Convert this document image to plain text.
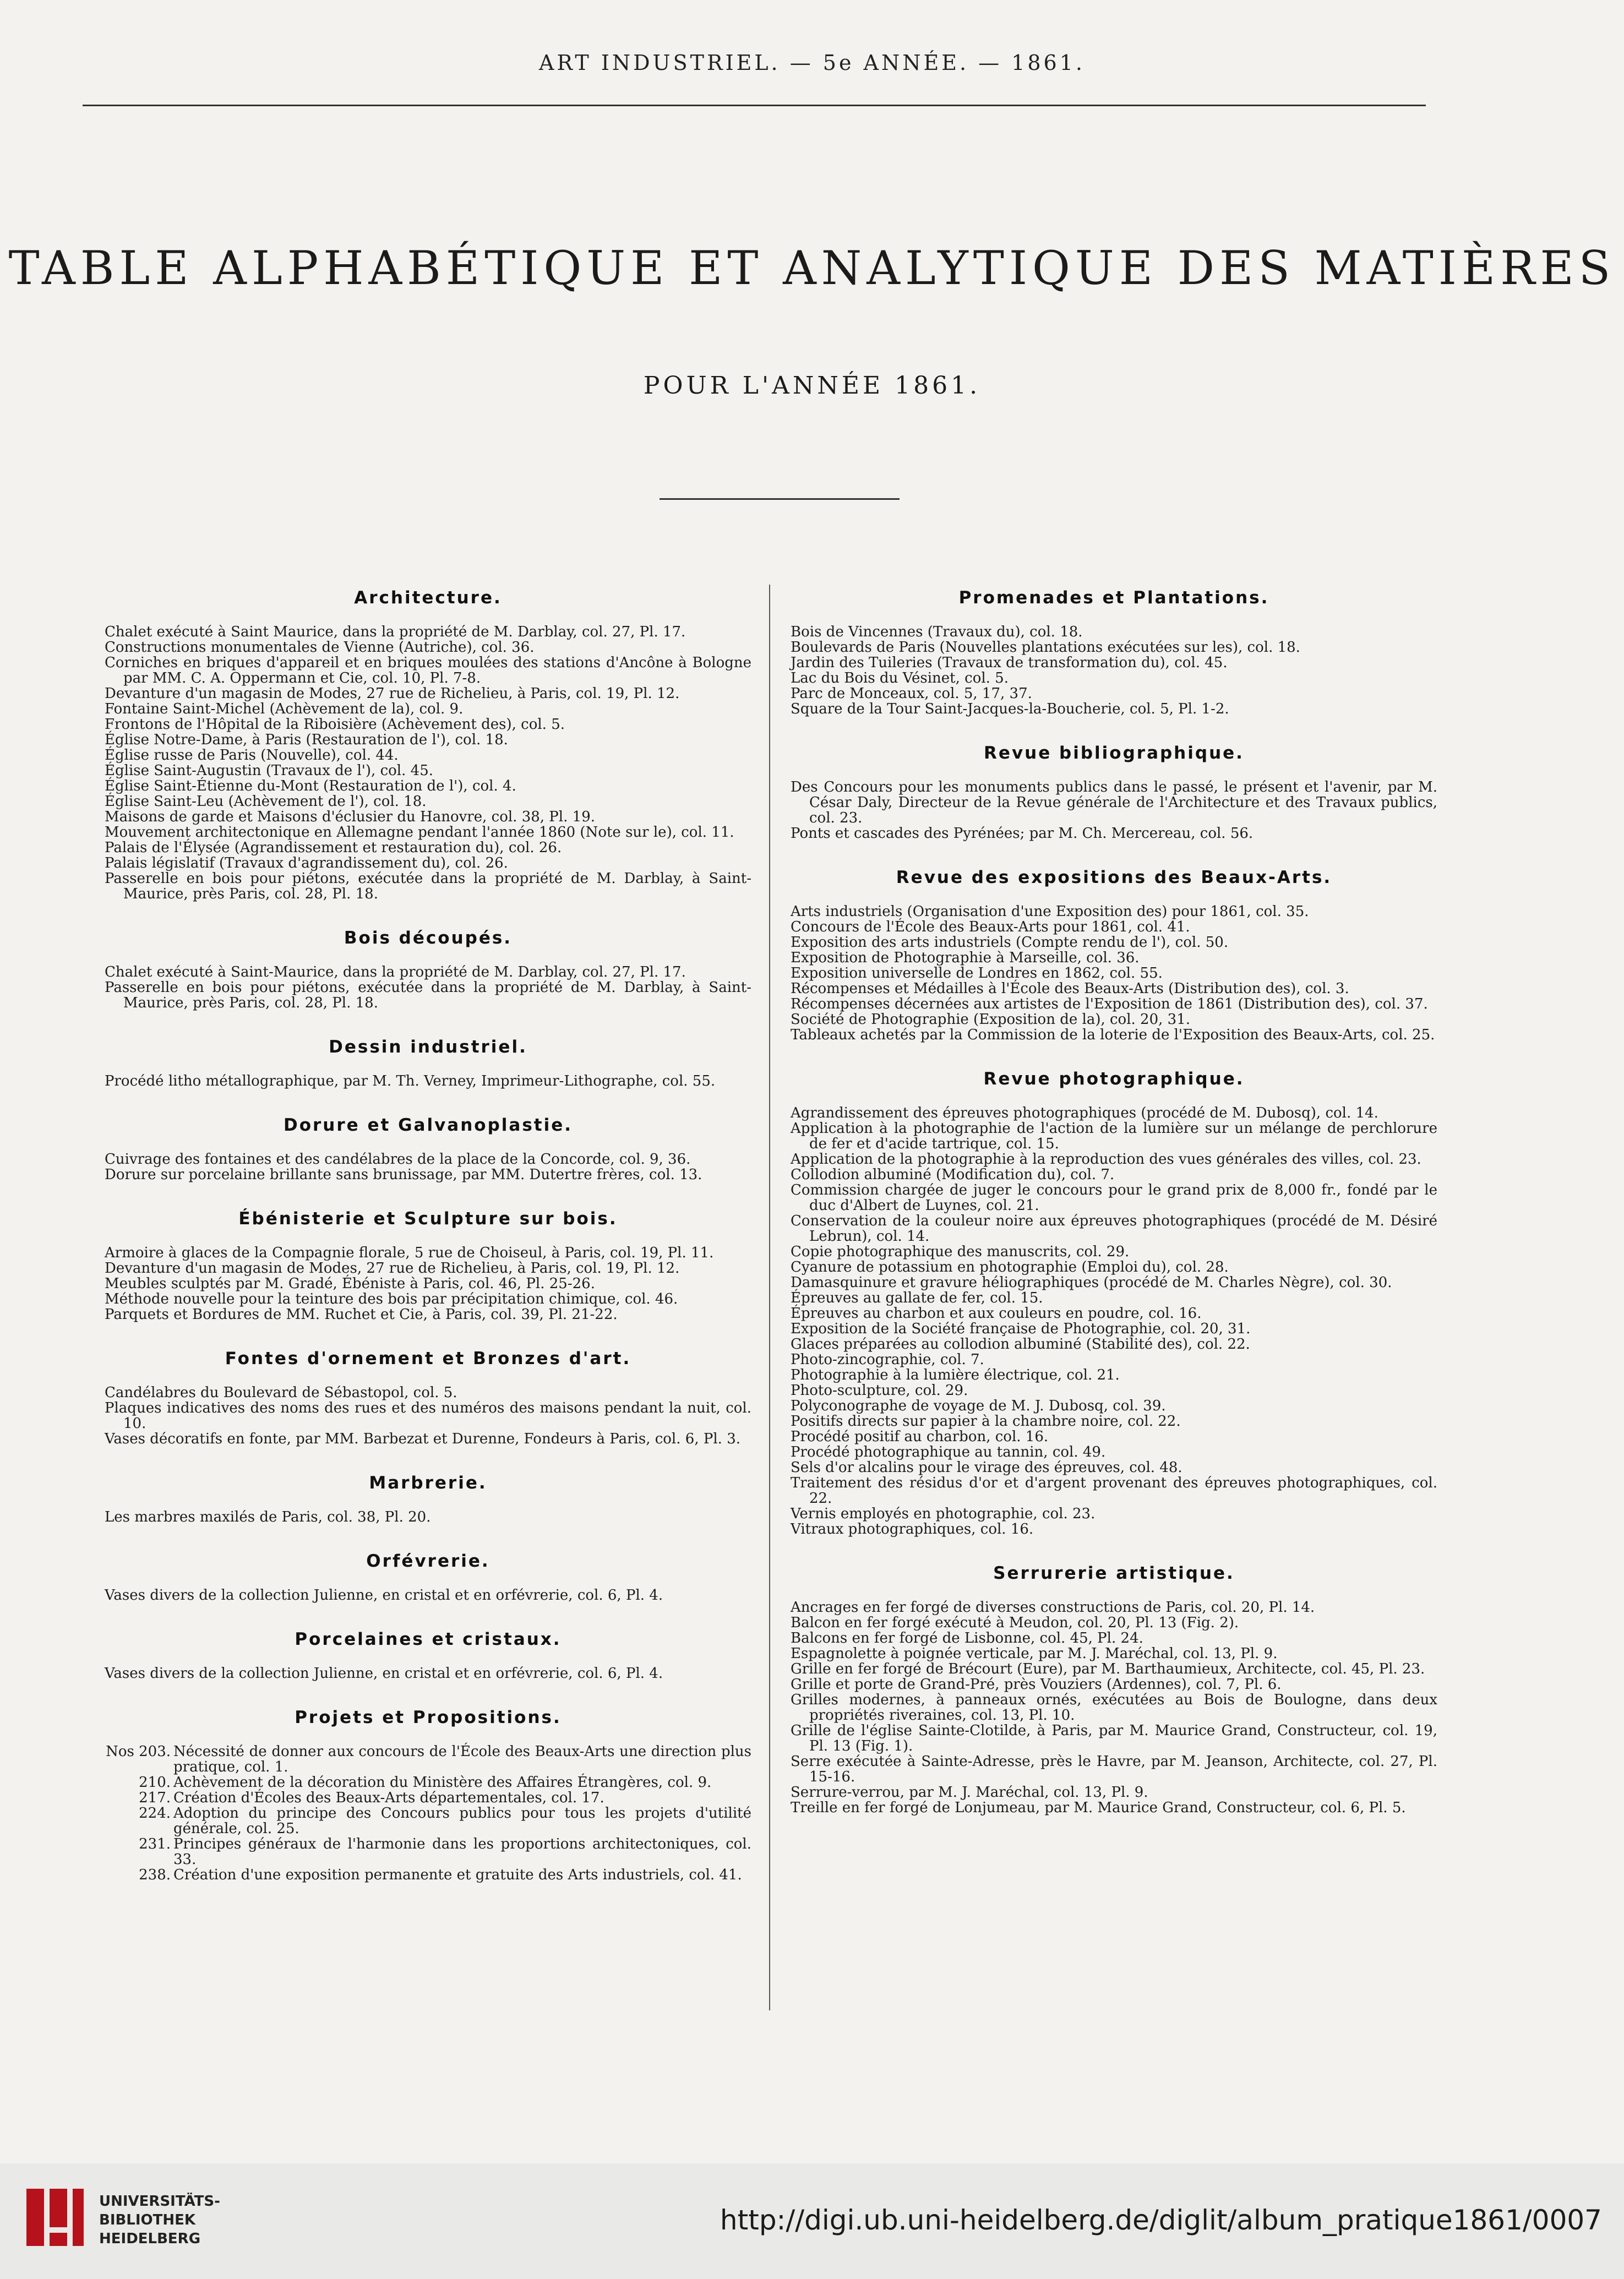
ART INDUSTRIEL. — 5e ANNÉE. — 1861.
TABLE ALPHABÉTIQUE ET ANALYTIQUE DES MATIÈRES
POUR L'ANNÉE 1861.
Architecture.

Chalet exécuté à Saint Maurice, dans la propriété de M. Darblay, col. 27, Pl. 17.

Constructions monumentales de Vienne (Autriche), col. 36.

Corniches en briques d'appareil et en briques moulées des stations d'Ancône à Bologne par MM. C. A. Oppermann et Cie, col. 10, Pl. 7-8.

Devanture d'un magasin de Modes, 27 rue de Richelieu, à Paris, col. 19, Pl. 12.

Fontaine Saint-Michel (Achèvement de la), col. 9.

Frontons de l'Hôpital de la Riboisière (Achèvement des), col. 5.

Église Notre-Dame, à Paris (Restauration de l'), col. 18.

Église russe de Paris (Nouvelle), col. 44.

Église Saint-Augustin (Travaux de l'), col. 45.

Église Saint-Étienne du-Mont (Restauration de l'), col. 4.

Église Saint-Leu (Achèvement de l'), col. 18.

Maisons de garde et Maisons d'éclusier du Hanovre, col. 38, Pl. 19.

Mouvement architectonique en Allemagne pendant l'année 1860 (Note sur le), col. 11.

Palais de l'Élysée (Agrandissement et restauration du), col. 26.

Palais législatif (Travaux d'agrandissement du), col. 26.

Passerelle en bois pour piétons, exécutée dans la propriété de M. Darblay, à Saint-Maurice, près Paris, col. 28, Pl. 18.

Bois découpés.

Chalet exécuté à Saint-Maurice, dans la propriété de M. Darblay, col. 27, Pl. 17.

Passerelle en bois pour piétons, exécutée dans la propriété de M. Darblay, à Saint-Maurice, près Paris, col. 28, Pl. 18.

Dessin industriel.

Procédé litho métallographique, par M. Th. Verney, Imprimeur-Lithographe, col. 55.

Dorure et Galvanoplastie.

Cuivrage des fontaines et des candélabres de la place de la Concorde, col. 9, 36.

Dorure sur porcelaine brillante sans brunissage, par MM. Dutertre frères, col. 13.

Ébénisterie et Sculpture sur bois.

Armoire à glaces de la Compagnie florale, 5 rue de Choiseul, à Paris, col. 19, Pl. 11.

Devanture d'un magasin de Modes, 27 rue de Richelieu, à Paris, col. 19, Pl. 12.

Meubles sculptés par M. Gradé, Ébéniste à Paris, col. 46, Pl. 25-26.

Méthode nouvelle pour la teinture des bois par précipitation chimique, col. 46.

Parquets et Bordures de MM. Ruchet et Cie, à Paris, col. 39, Pl. 21-22.

Fontes d'ornement et Bronzes d'art.

Candélabres du Boulevard de Sébastopol, col. 5.

Plaques indicatives des noms des rues et des numéros des maisons pendant la nuit, col. 10.

Vases décoratifs en fonte, par MM. Barbezat et Durenne, Fondeurs à Paris, col. 6, Pl. 3.

Marbrerie.

Les marbres maxilés de Paris, col. 38, Pl. 20.

Orfévrerie.

Vases divers de la collection Julienne, en cristal et en orfévrerie, col. 6, Pl. 4.

Porcelaines et cristaux.

Vases divers de la collection Julienne, en cristal et en orfévrerie, col. 6, Pl. 4.

Projets et Propositions.

Nos 203. Nécessité de donner aux concours de l'École des Beaux-Arts une direction plus pratique, col. 1.

210. Achèvement de la décoration du Ministère des Affaires Étrangères, col. 9.

217. Création d'Écoles des Beaux-Arts départementales, col. 17.

224. Adoption du principe des Concours publics pour tous les projets d'utilité générale, col. 25.

231. Principes généraux de l'harmonie dans les proportions architectoniques, col. 33.

238. Création d'une exposition permanente et gratuite des Arts industriels, col. 41.

Promenades et Plantations.

Bois de Vincennes (Travaux du), col. 18.

Boulevards de Paris (Nouvelles plantations exécutées sur les), col. 18.

Jardin des Tuileries (Travaux de transformation du), col. 45.

Lac du Bois du Vésinet, col. 5.

Parc de Monceaux, col. 5, 17, 37.

Square de la Tour Saint-Jacques-la-Boucherie, col. 5, Pl. 1-2.

Revue bibliographique.

Des Concours pour les monuments publics dans le passé, le présent et l'avenir, par M. César Daly, Directeur de la Revue générale de l'Architecture et des Travaux publics, col. 23.

Ponts et cascades des Pyrénées; par M. Ch. Mercereau, col. 56.

Revue des expositions des Beaux-Arts.

Arts industriels (Organisation d'une Exposition des) pour 1861, col. 35.

Concours de l'École des Beaux-Arts pour 1861, col. 41.

Exposition des arts industriels (Compte rendu de l'), col. 50.

Exposition de Photographie à Marseille, col. 36.

Exposition universelle de Londres en 1862, col. 55.

Récompenses et Médailles à l'École des Beaux-Arts (Distribution des), col. 3.

Récompenses décernées aux artistes de l'Exposition de 1861 (Distribution des), col. 37.

Société de Photographie (Exposition de la), col. 20, 31.

Tableaux achetés par la Commission de la loterie de l'Exposition des Beaux-Arts, col. 25.

Revue photographique.

Agrandissement des épreuves photographiques (procédé de M. Dubosq), col. 14.

Application à la photographie de l'action de la lumière sur un mélange de perchlorure de fer et d'acide tartrique, col. 15.

Application de la photographie à la reproduction des vues générales des villes, col. 23.

Collodion albuminé (Modification du), col. 7.

Commission chargée de juger le concours pour le grand prix de 8,000 fr., fondé par le duc d'Albert de Luynes, col. 21.

Conservation de la couleur noire aux épreuves photographiques (procédé de M. Désiré Lebrun), col. 14.

Copie photographique des manuscrits, col. 29.

Cyanure de potassium en photographie (Emploi du), col. 28.

Damasquinure et gravure héliographiques (procédé de M. Charles Nègre), col. 30.

Épreuves au gallate de fer, col. 15.

Épreuves au charbon et aux couleurs en poudre, col. 16.

Exposition de la Société française de Photographie, col. 20, 31.

Glaces préparées au collodion albuminé (Stabilité des), col. 22.

Photo-zincographie, col. 7.

Photographie à la lumière électrique, col. 21.

Photo-sculpture, col. 29.

Polyconographe de voyage de M. J. Dubosq, col. 39.

Positifs directs sur papier à la chambre noire, col. 22.

Procédé positif au charbon, col. 16.

Procédé photographique au tannin, col. 49.

Sels d'or alcalins pour le virage des épreuves, col. 48.

Traitement des résidus d'or et d'argent provenant des épreuves photographiques, col. 22.

Vernis employés en photographie, col. 23.

Vitraux photographiques, col. 16.

Serrurerie artistique.

Ancrages en fer forgé de diverses constructions de Paris, col. 20, Pl. 14.

Balcon en fer forgé exécuté à Meudon, col. 20, Pl. 13 (Fig. 2).

Balcons en fer forgé de Lisbonne, col. 45, Pl. 24.

Espagnolette à poignée verticale, par M. J. Maréchal, col. 13, Pl. 9.

Grille en fer forgé de Brécourt (Eure), par M. Barthaumieux, Architecte, col. 45, Pl. 23.

Grille et porte de Grand-Pré, près Vouziers (Ardennes), col. 7, Pl. 6.

Grilles modernes, à panneaux ornés, exécutées au Bois de Boulogne, dans deux propriétés riveraines, col. 13, Pl. 10.

Grille de l'église Sainte-Clotilde, à Paris, par M. Maurice Grand, Constructeur, col. 19, Pl. 13 (Fig. 1).

Serre exécutée à Sainte-Adresse, près le Havre, par M. Jeanson, Architecte, col. 27, Pl. 15-16.

Serrure-verrou, par M. J. Maréchal, col. 13, Pl. 9.

Treille en fer forgé de Lonjumeau, par M. Maurice Grand, Constructeur, col. 6, Pl. 5.

UNIVERSITÄTS-
BIBLIOTHEK
HEIDELBERG
http://digi.ub.uni-heidelberg.de/diglit/album_pratique1861/0007
